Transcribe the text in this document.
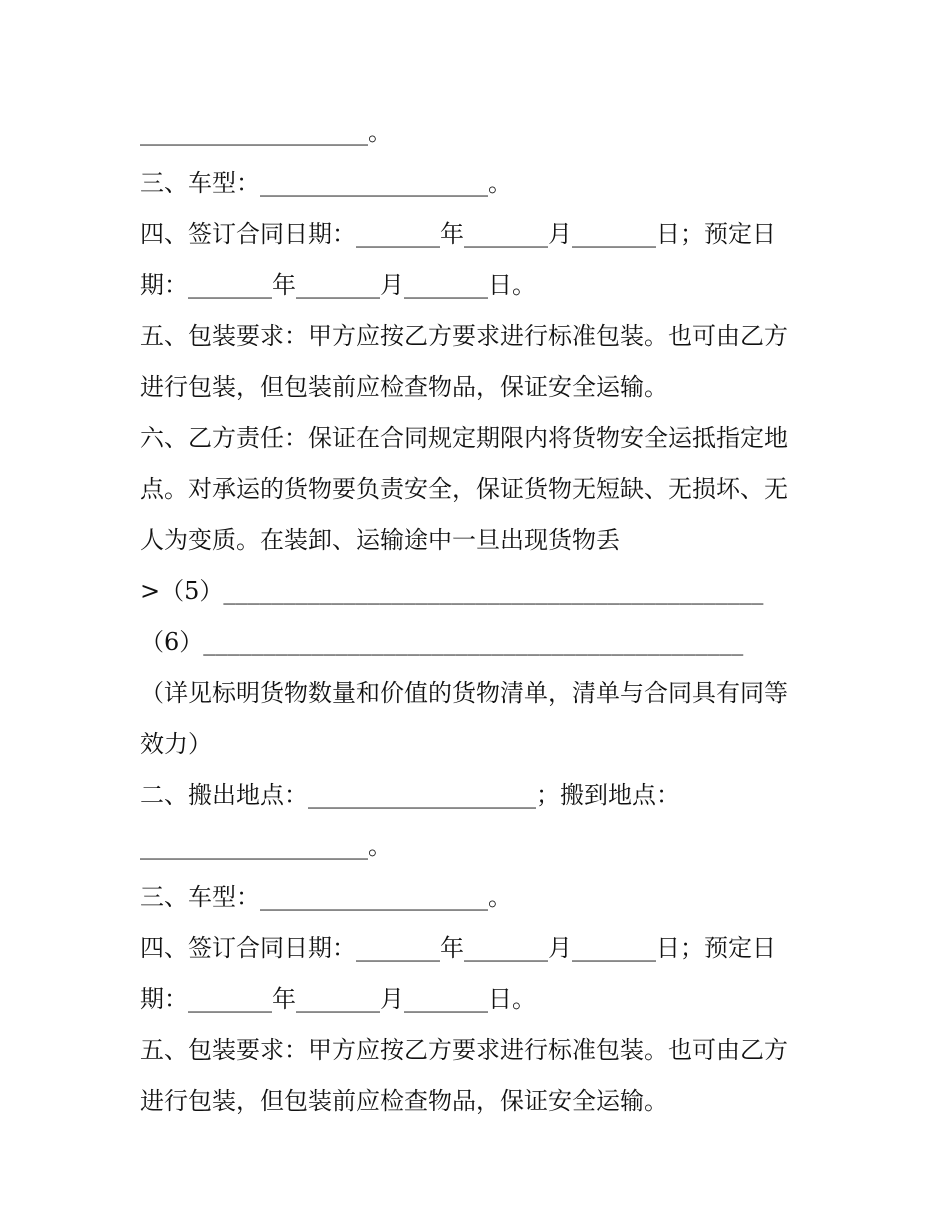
___________________。

三、车型：___________________。

四、签订合同日期：_______年_______月_______日；预定日

期：_______年_______月_______日。

五、包装要求：甲方应按乙方要求进行标准包装。也可由乙方

进行包装，但包装前应检查物品，保证安全运输。

六、乙方责任：保证在合同规定期限内将货物安全运抵指定地

点。对承运的货物要负责安全，保证货物无短缺、无损坏、无

人为变质。在装卸、运输途中一旦出现货物丢

>（5）_____________________________________________

（6）_____________________________________________

（详见标明货物数量和价值的货物清单，清单与合同具有同等

效力）

二、搬出地点：___________________；搬到地点：

___________________。

三、车型：___________________。

四、签订合同日期：_______年_______月_______日；预定日

期：_______年_______月_______日。

五、包装要求：甲方应按乙方要求进行标准包装。也可由乙方

进行包装，但包装前应检查物品，保证安全运输。
